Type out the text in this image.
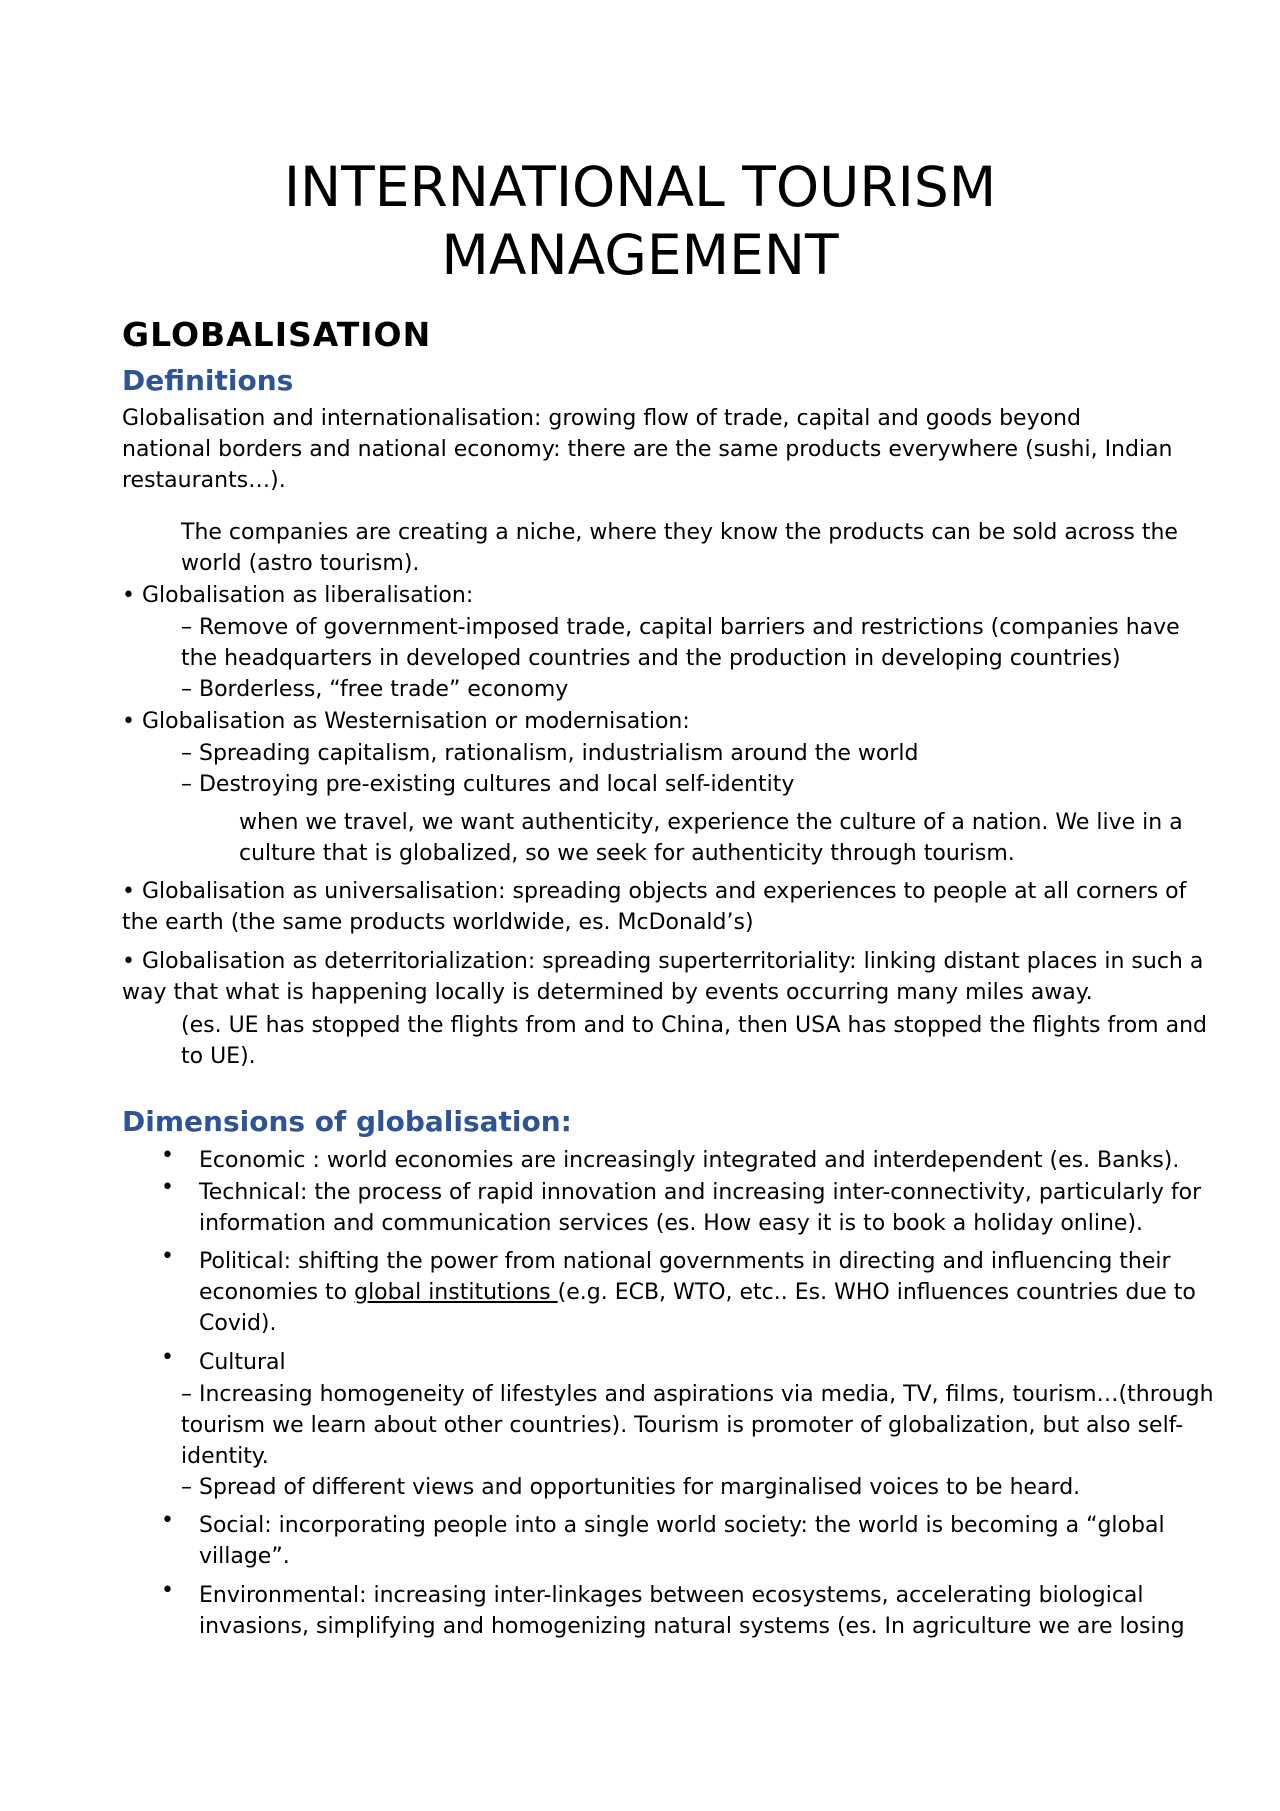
INTERNATIONAL TOURISM
MANAGEMENT
GLOBALISATION
Definitions

Globalisation and internationalisation: growing flow of trade, capital and goods beyond
national borders and national economy: there are the same products everywhere (sushi, Indian
restaurants…).

The companies are creating a niche, where they know the products can be sold across the
world (astro tourism).

• Globalisation as liberalisation:

– Remove of government-imposed trade, capital barriers and restrictions (companies have
the headquarters in developed countries and the production in developing countries)
– Borderless, “free trade” economy

• Globalisation as Westernisation or modernisation:

– Spreading capitalism, rationalism, industrialism around the world
– Destroying pre-existing cultures and local self-identity

when we travel, we want authenticity, experience the culture of a nation. We live in a
culture that is globalized, so we seek for authenticity through tourism.

• Globalisation as universalisation: spreading objects and experiences to people at all corners of
the earth (the same products worldwide, es. McDonald’s)

• Globalisation as deterritorialization: spreading superterritoriality: linking distant places in such a
way that what is happening locally is determined by events occurring many miles away.

(es. UE has stopped the flights from and to China, then USA has stopped the flights from and
to UE).

Dimensions of globalisation:
• Economic : world economies are increasingly integrated and interdependent (es. Banks).

• Technical: the process of rapid innovation and increasing inter-connectivity, particularly for
information and communication services (es. How easy it is to book a holiday online).

• Political: shifting the power from national governments in directing and influencing their
economies to global institutions (e.g. ECB, WTO, etc.. Es. WHO influences countries due to
Covid).

• Cultural

– Increasing homogeneity of lifestyles and aspirations via media, TV, films, tourism…(through
tourism we learn about other countries). Tourism is promoter of globalization, but also self-
identity.
– Spread of different views and opportunities for marginalised voices to be heard.

• Social: incorporating people into a single world society: the world is becoming a “global
village”.

• Environmental: increasing inter-linkages between ecosystems, accelerating biological
invasions, simplifying and homogenizing natural systems (es. In agriculture we are losing
